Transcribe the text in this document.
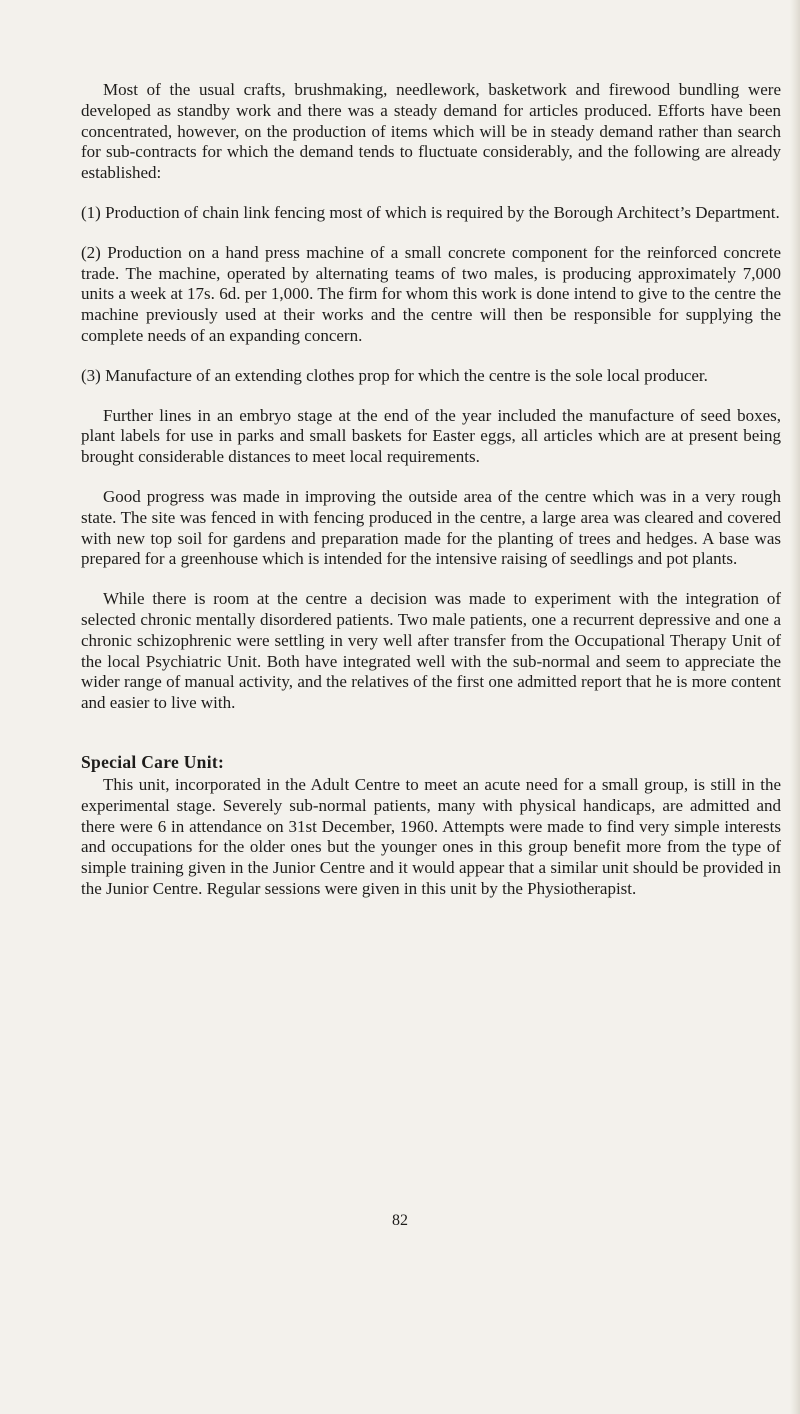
Most of the usual crafts, brushmaking, needlework, basketwork and firewood bundling were developed as standby work and there was a steady demand for articles produced. Efforts have been concentrated, however, on the production of items which will be in steady demand rather than search for sub-contracts for which the demand tends to fluctuate considerably, and the following are already established:

(1) Production of chain link fencing most of which is required by the Borough Architect’s Department.

(2) Production on a hand press machine of a small concrete component for the reinforced concrete trade. The machine, operated by alternating teams of two males, is producing approximately 7,000 units a week at 17s. 6d. per 1,000. The firm for whom this work is done intend to give to the centre the machine previously used at their works and the centre will then be responsible for supplying the complete needs of an expanding concern.

(3) Manufacture of an extending clothes prop for which the centre is the sole local producer.

Further lines in an embryo stage at the end of the year included the manufacture of seed boxes, plant labels for use in parks and small baskets for Easter eggs, all articles which are at present being brought considerable distances to meet local requirements.

Good progress was made in improving the outside area of the centre which was in a very rough state. The site was fenced in with fencing produced in the centre, a large area was cleared and covered with new top soil for gardens and preparation made for the planting of trees and hedges. A base was prepared for a greenhouse which is intended for the intensive raising of seedlings and pot plants.

While there is room at the centre a decision was made to experiment with the integration of selected chronic mentally disordered patients. Two male patients, one a recurrent depressive and one a chronic schizophrenic were settling in very well after transfer from the Occupational Therapy Unit of the local Psychiatric Unit. Both have integrated well with the sub-normal and seem to appreciate the wider range of manual activity, and the relatives of the first one admitted report that he is more content and easier to live with.

Special Care Unit:

This unit, incorporated in the Adult Centre to meet an acute need for a small group, is still in the experimental stage. Severely sub-normal patients, many with physical handicaps, are admitted and there were 6 in attendance on 31st December, 1960. Attempts were made to find very simple interests and occupations for the older ones but the younger ones in this group benefit more from the type of simple training given in the Junior Centre and it would appear that a similar unit should be provided in the Junior Centre. Regular sessions were given in this unit by the Physiotherapist.

82
